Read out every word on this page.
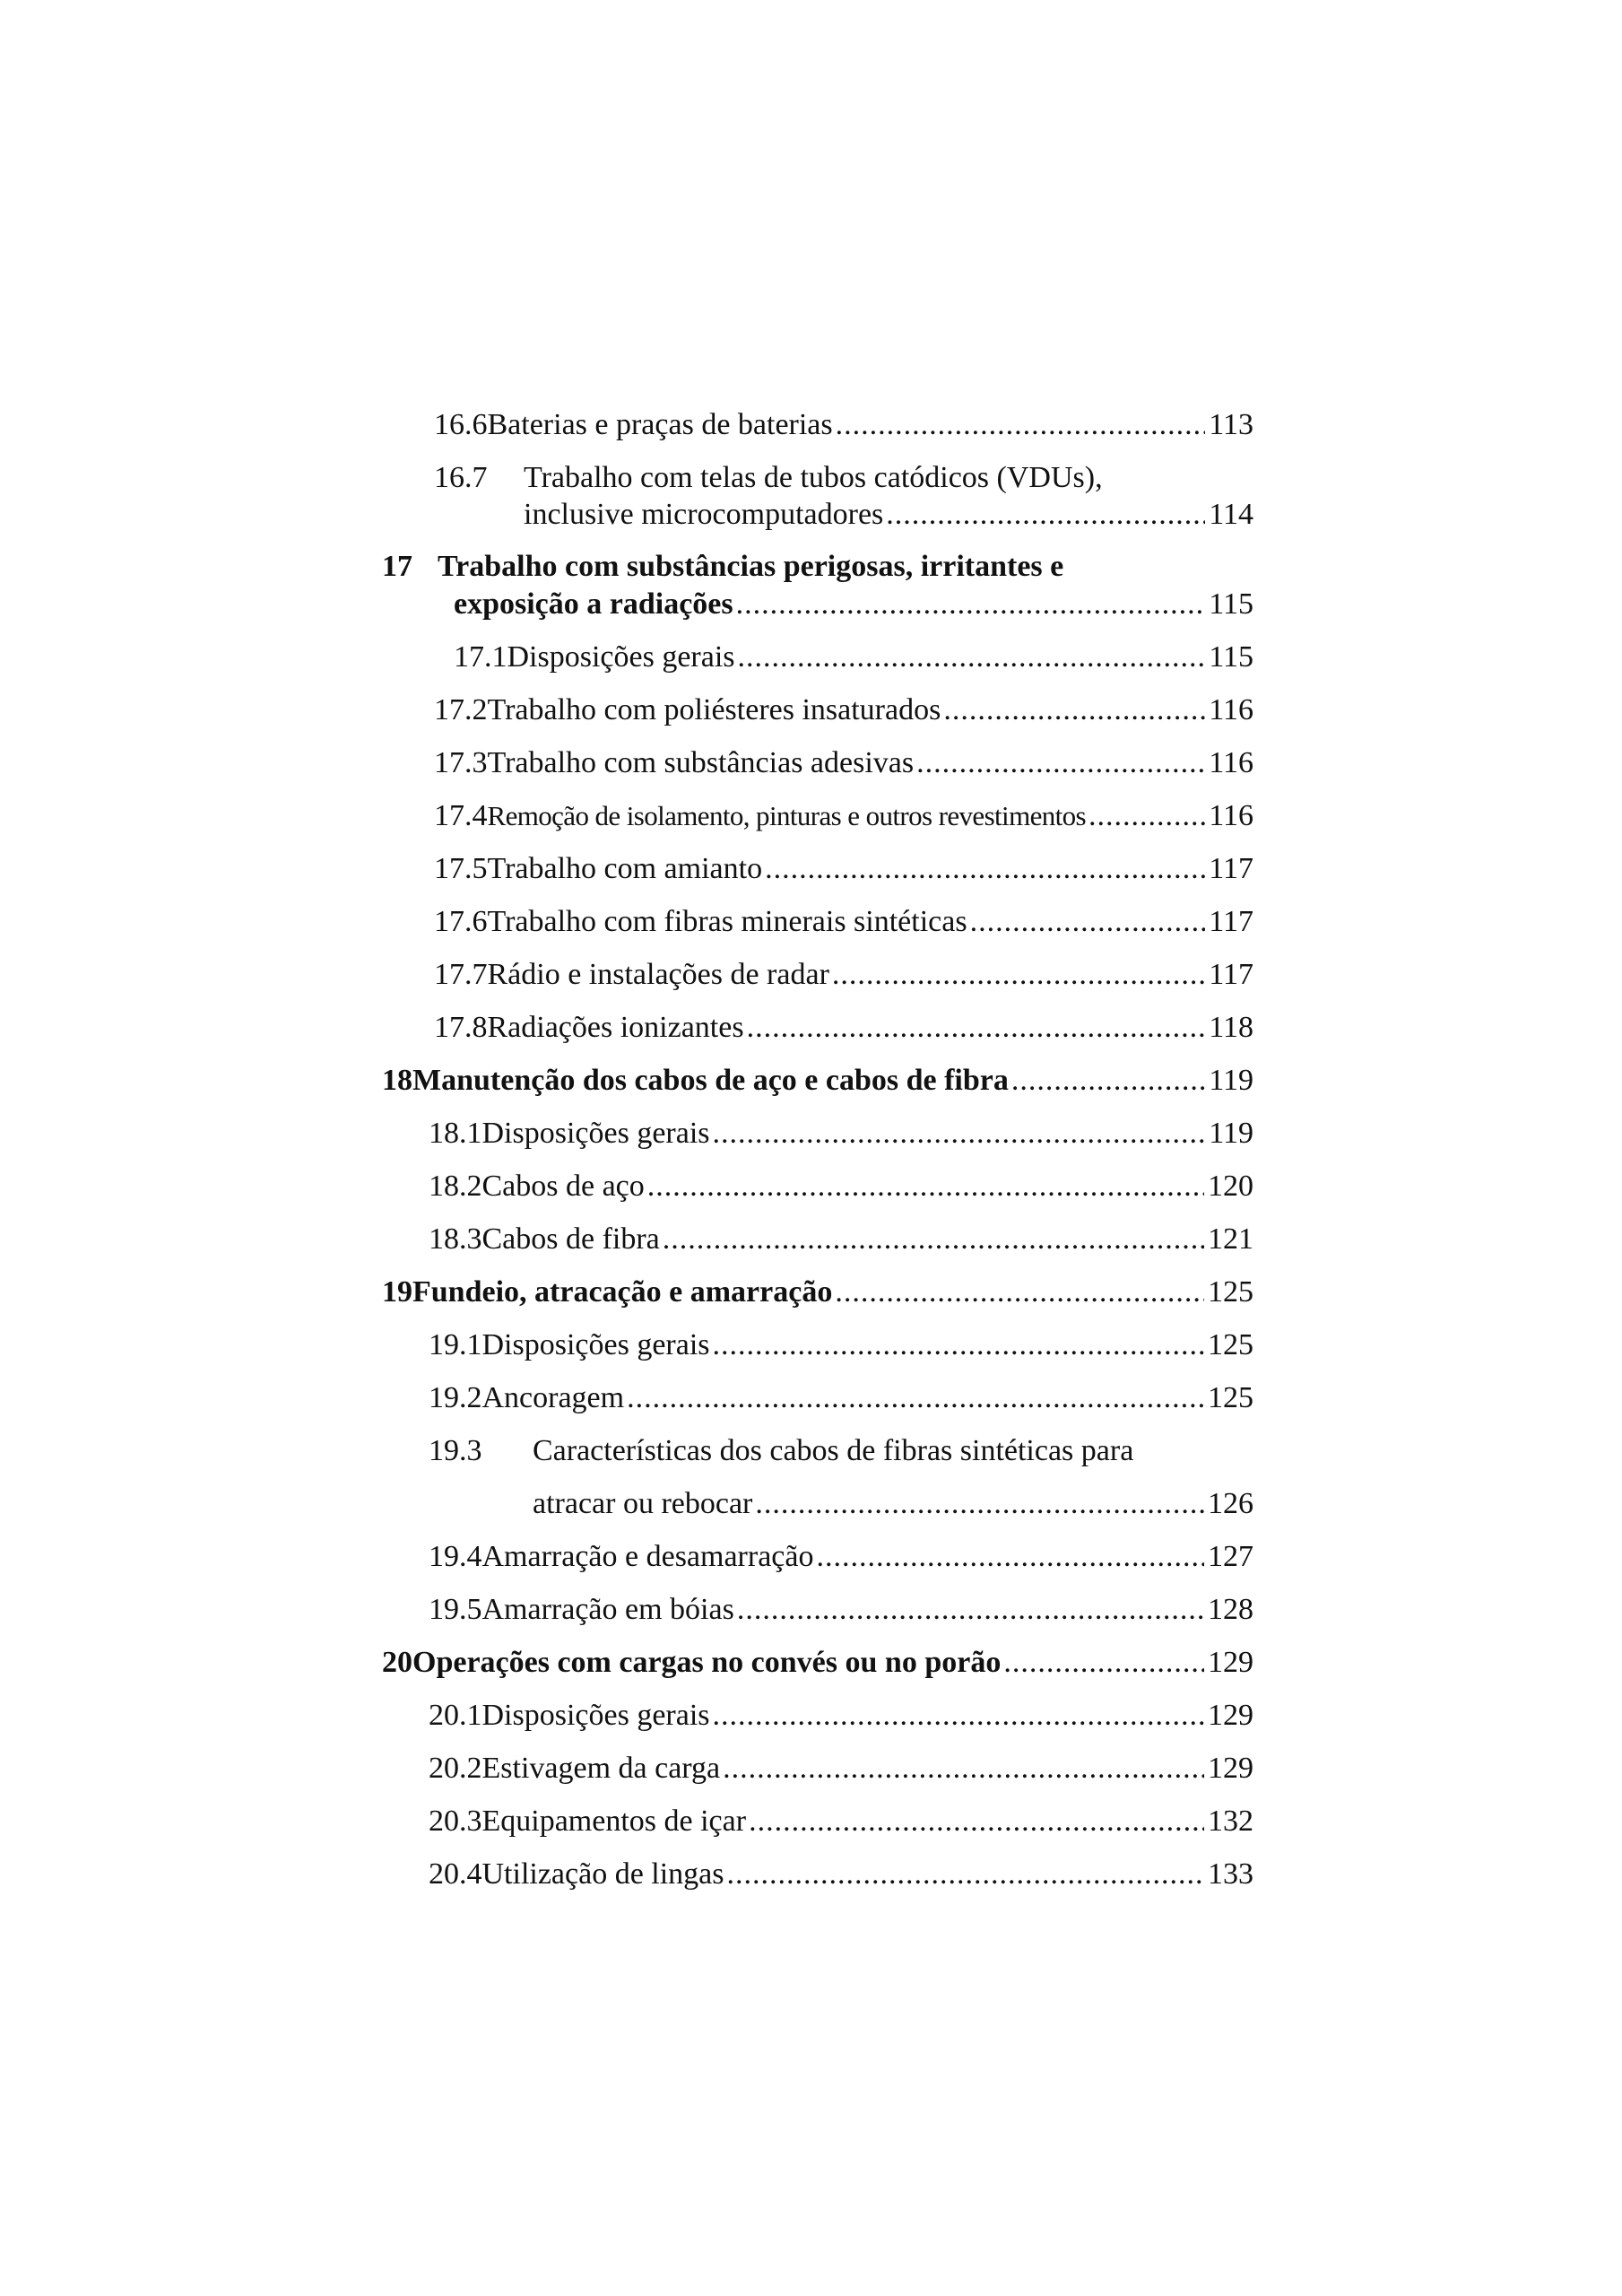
16.6 Baterias e praças de baterias .....	113
16.7	Trabalho com telas de tubos catódicos (VDUs),
inclusive microcomputadores .....	114
17 Trabalho com substâncias perigosas, irritantes e
exposição a radiações .....	115
17.1 Disposições gerais .....	115
17.2 Trabalho com poliésteres insaturados .....	116
17.3 Trabalho com substâncias adesivas .....	116
17.4 Remoção de isolamento, pinturas e outros revestimentos .....	116
17.5 Trabalho com amianto .....	117
17.6 Trabalho com fibras minerais sintéticas .....	117
17.7 Rádio e instalações de radar .....	117
17.8 Radiações ionizantes .....	118
18 Manutenção dos cabos de aço e cabos de fibra .....	119
18.1 Disposições gerais .....	119
18.2 Cabos de aço .....	120
18.3 Cabos de fibra .....	121
19 Fundeio, atracação e amarração .....	125
19.1 Disposições gerais .....	125
19.2 Ancoragem .....	125
19.3	Características dos cabos de fibras sintéticas para
atracar ou rebocar .....	126
19.4 Amarração e desamarração .....	127
19.5 Amarração em bóias .....	128
20 Operações com cargas no convés ou no porão .....	129
20.1 Disposições gerais .....	129
20.2 Estivagem da carga .....	129
20.3 Equipamentos de içar .....	132
20.4 Utilização de lingas .....	133
